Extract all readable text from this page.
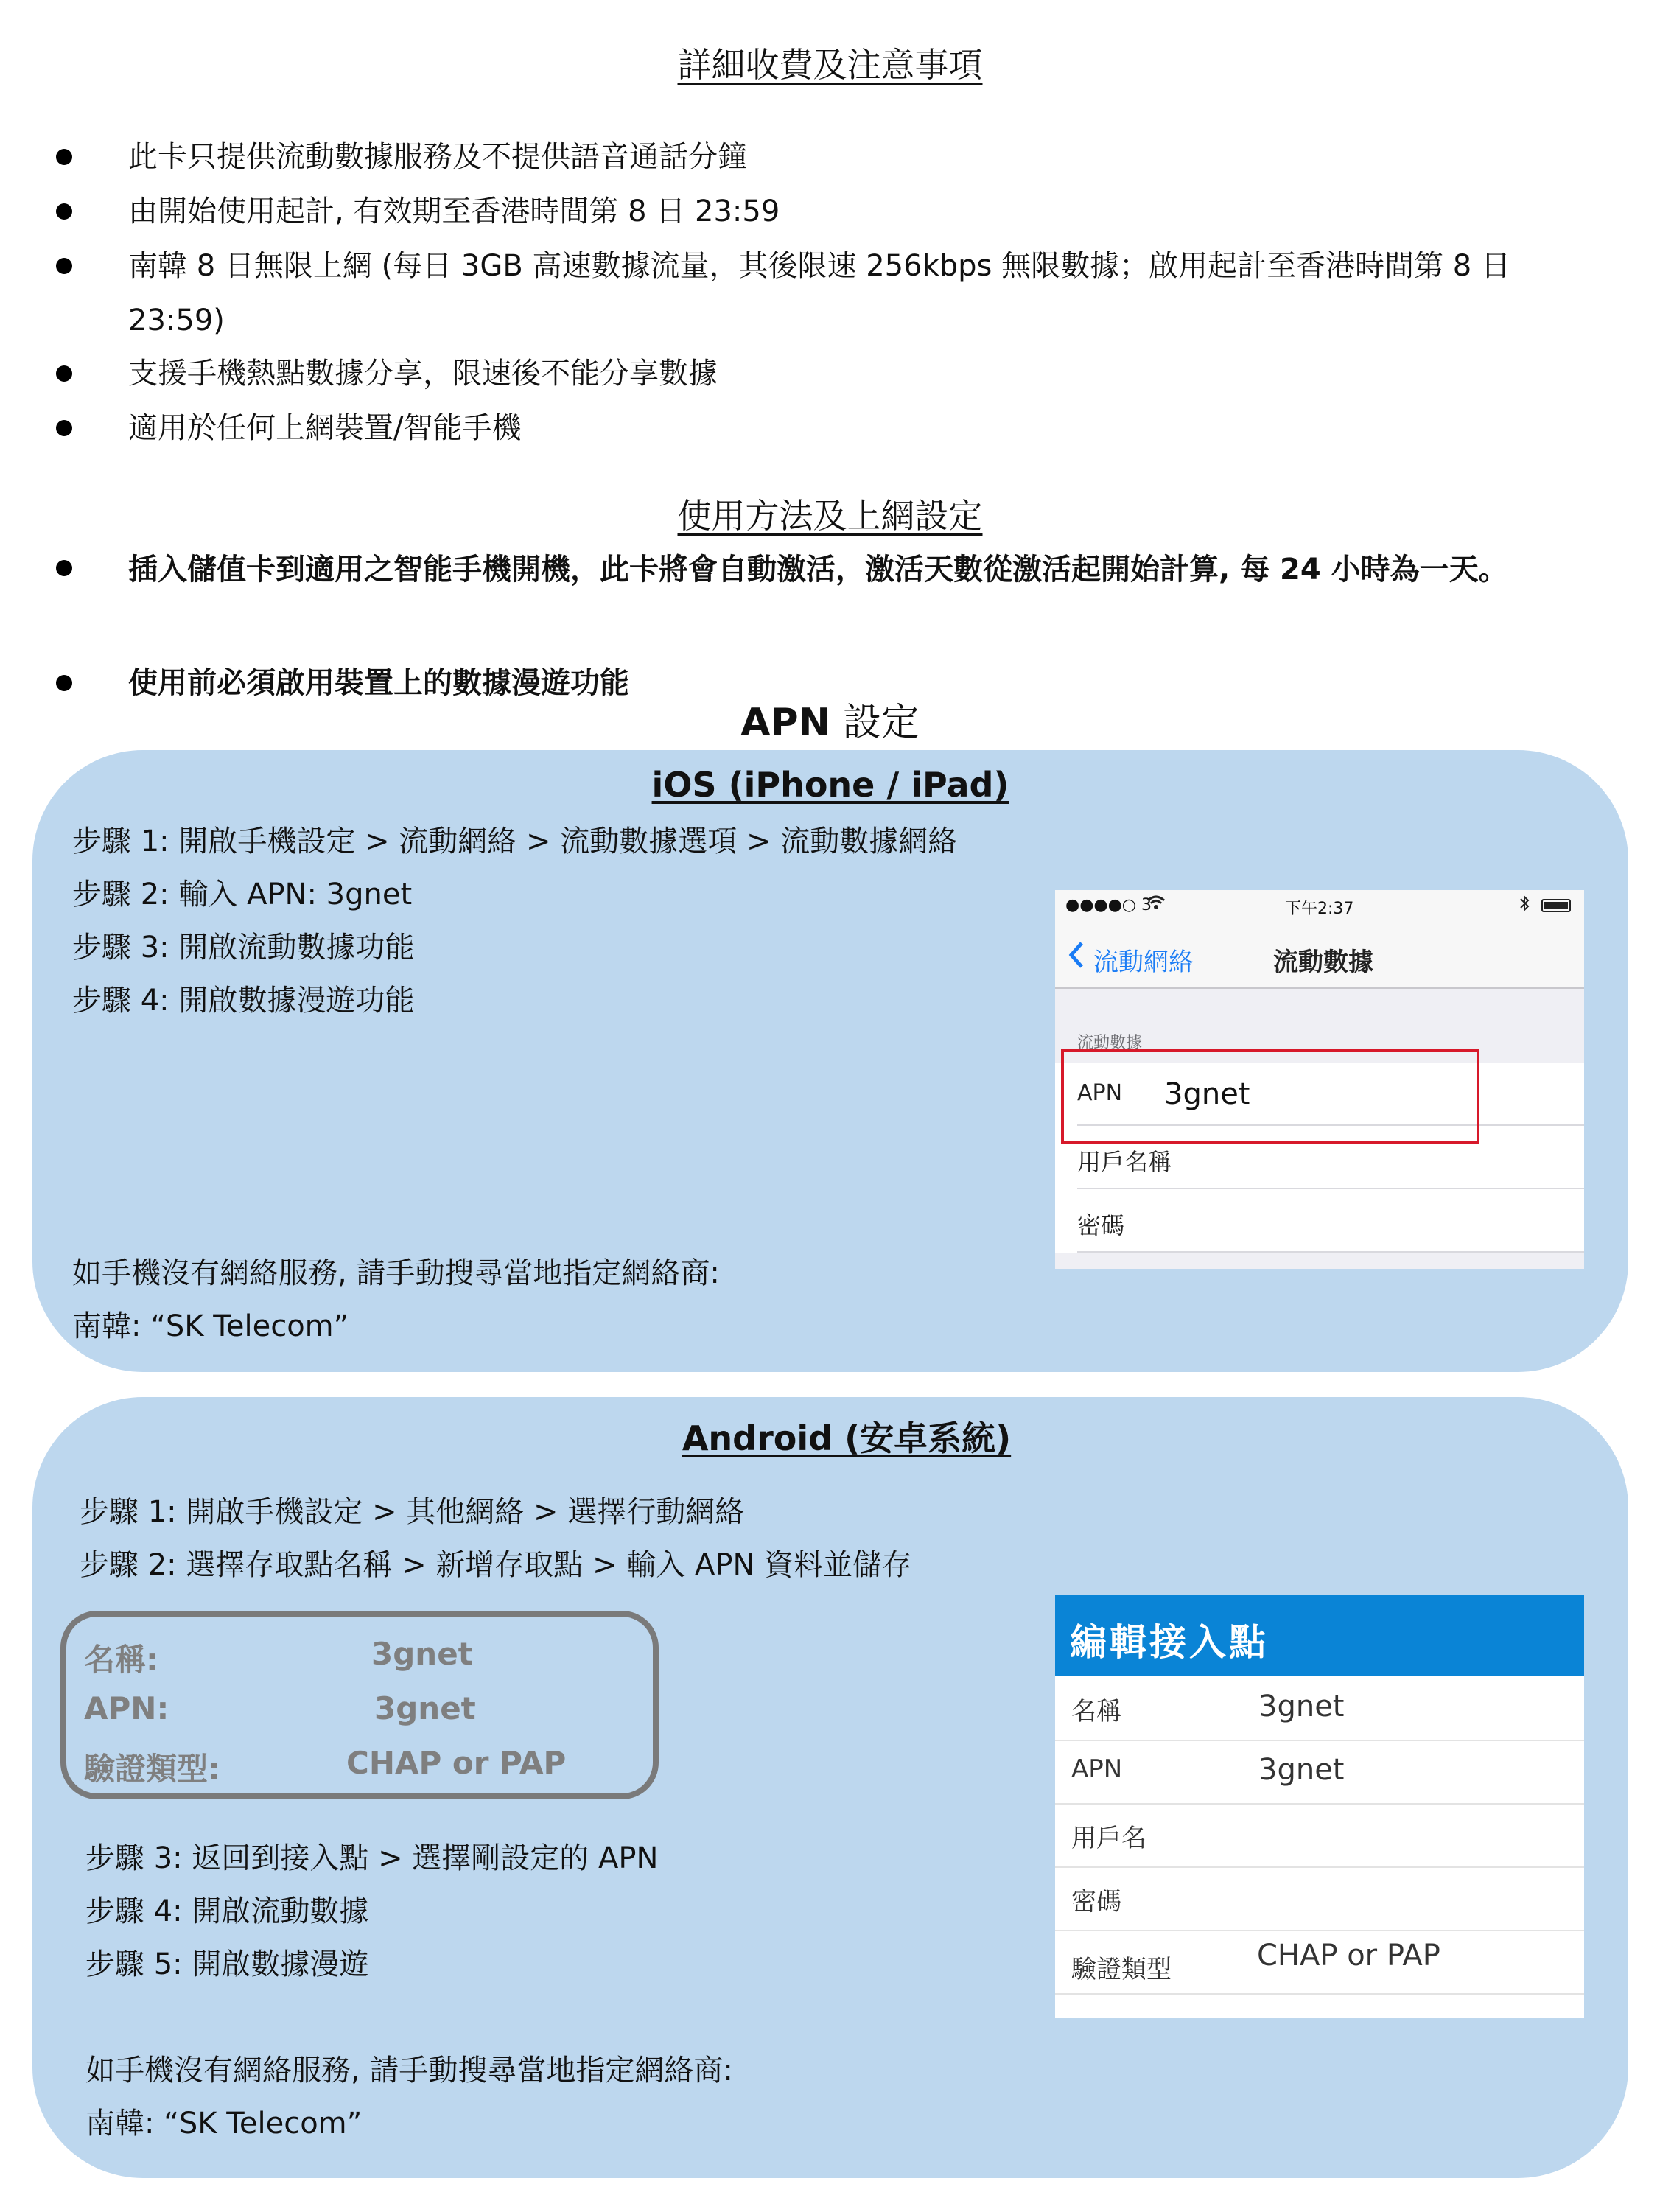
詳細收費及注意事項
此卡只提供流動數據服務及不提供語音通話分鐘
由開始使用起計, 有效期至香港時間第 8 日 23:59
南韓 8 日無限上網 (每日 3GB 高速數據流量，其後限速 256kbps 無限數據；啟用起計至香港時間第 8 日 23:59)
支援手機熱點數據分享，限速後不能分享數據
適用於任何上網裝置/智能手機
使用方法及上網設定
插入儲值卡到適用之智能手機開機，此卡將會自動激活，激活天數從激活起開始計算, 每 24 小時為一天。
使用前必須啟用裝置上的數據漫遊功能
APN 設定
iOS (iPhone / iPad)
步驟 1: 開啟手機設定 > 流動網絡 > 流動數據選項 > 流動數據網絡
步驟 2: 輸入 APN: 3gnet
步驟 3: 開啟流動數據功能
步驟 4: 開啟數據漫遊功能
如手機沒有網絡服務, 請手動搜尋當地指定網絡商:
南韓: “SK Telecom”
●●●●○ 3	下午2:37
流動網絡	流動數據
流動數據
APN 3gnet
用戶名稱
密碼
Android (安卓系統)
步驟 1: 開啟手機設定 > 其他網絡 > 選擇行動網絡
步驟 2: 選擇存取點名稱 > 新增存取點 > 輸入 APN 資料並儲存
步驟 3: 返回到接入點 > 選擇剛設定的 APN
步驟 4: 開啟流動數據
步驟 5: 開啟數據漫遊
如手機沒有網絡服務, 請手動搜尋當地指定網絡商:
南韓: “SK Telecom”
名稱:	3gnet
APN:	3gnet
驗證類型:	CHAP or PAP
編輯接入點
名稱	3gnet
APN	3gnet
用戶名
密碼
驗證類型	CHAP or PAP
